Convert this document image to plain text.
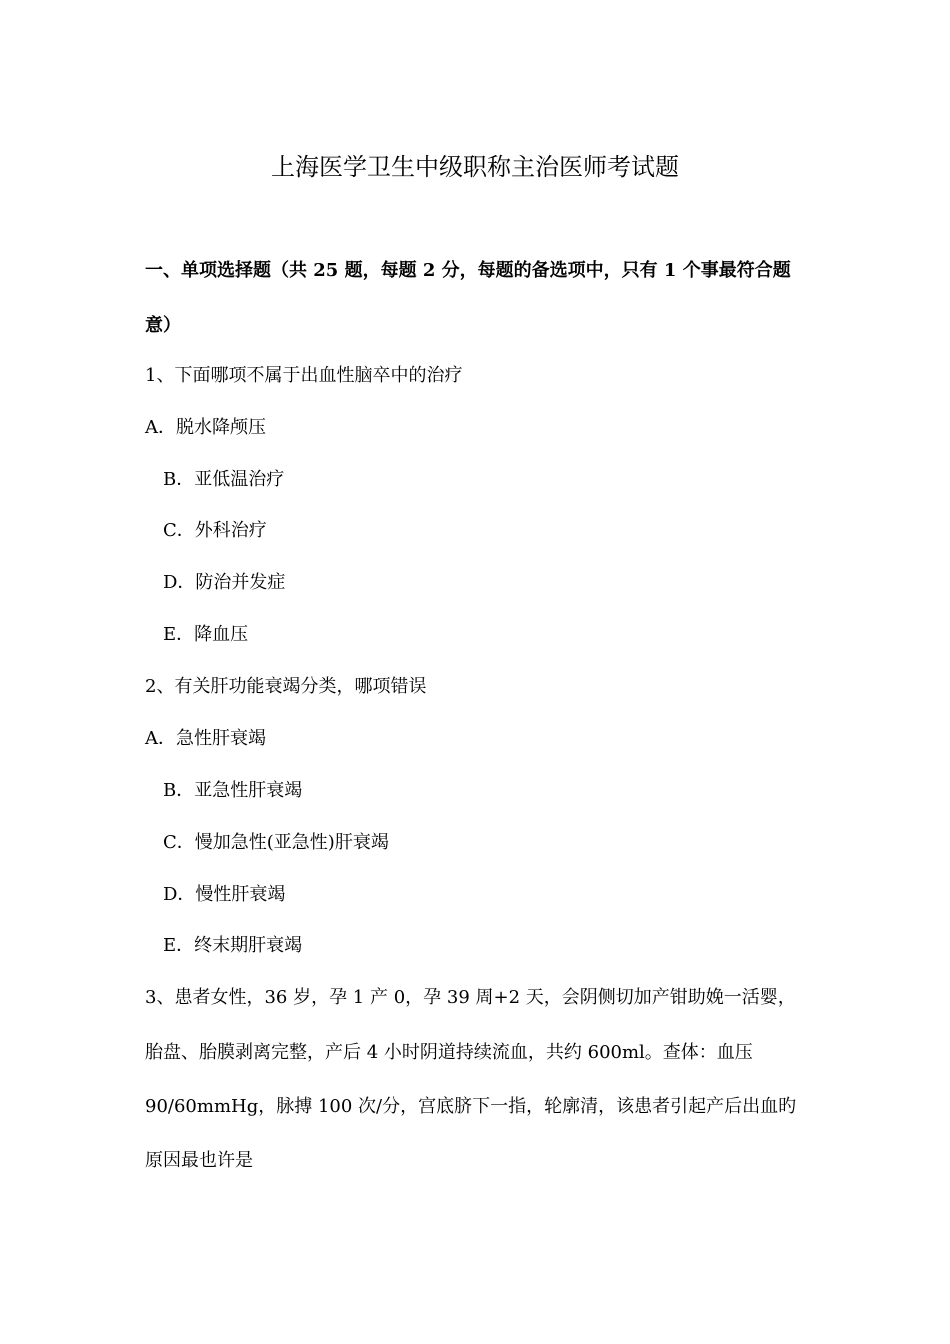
上海医学卫生中级职称主治医师考试题
一、单项选择题（共 25 题，每题 2 分，每题的备选项中，只有 1 个事最符合题
意）
1、下面哪项不属于出血性脑卒中的治疗
A．脱水降颅压
B．亚低温治疗
C．外科治疗
D．防治并发症
E．降血压
2、有关肝功能衰竭分类，哪项错误
A．急性肝衰竭
B．亚急性肝衰竭
C．慢加急性(亚急性)肝衰竭
D．慢性肝衰竭
E．终末期肝衰竭
3、患者女性，36 岁，孕 1 产 0，孕 39 周+2 天，会阴侧切加产钳助娩一活婴，
胎盘、胎膜剥离完整，产后 4 小时阴道持续流血，共约 600ml。查体：血压
90/60mmHg，脉搏 100 次/分，宫底脐下一指，轮廓清，该患者引起产后出血旳
原因最也许是
